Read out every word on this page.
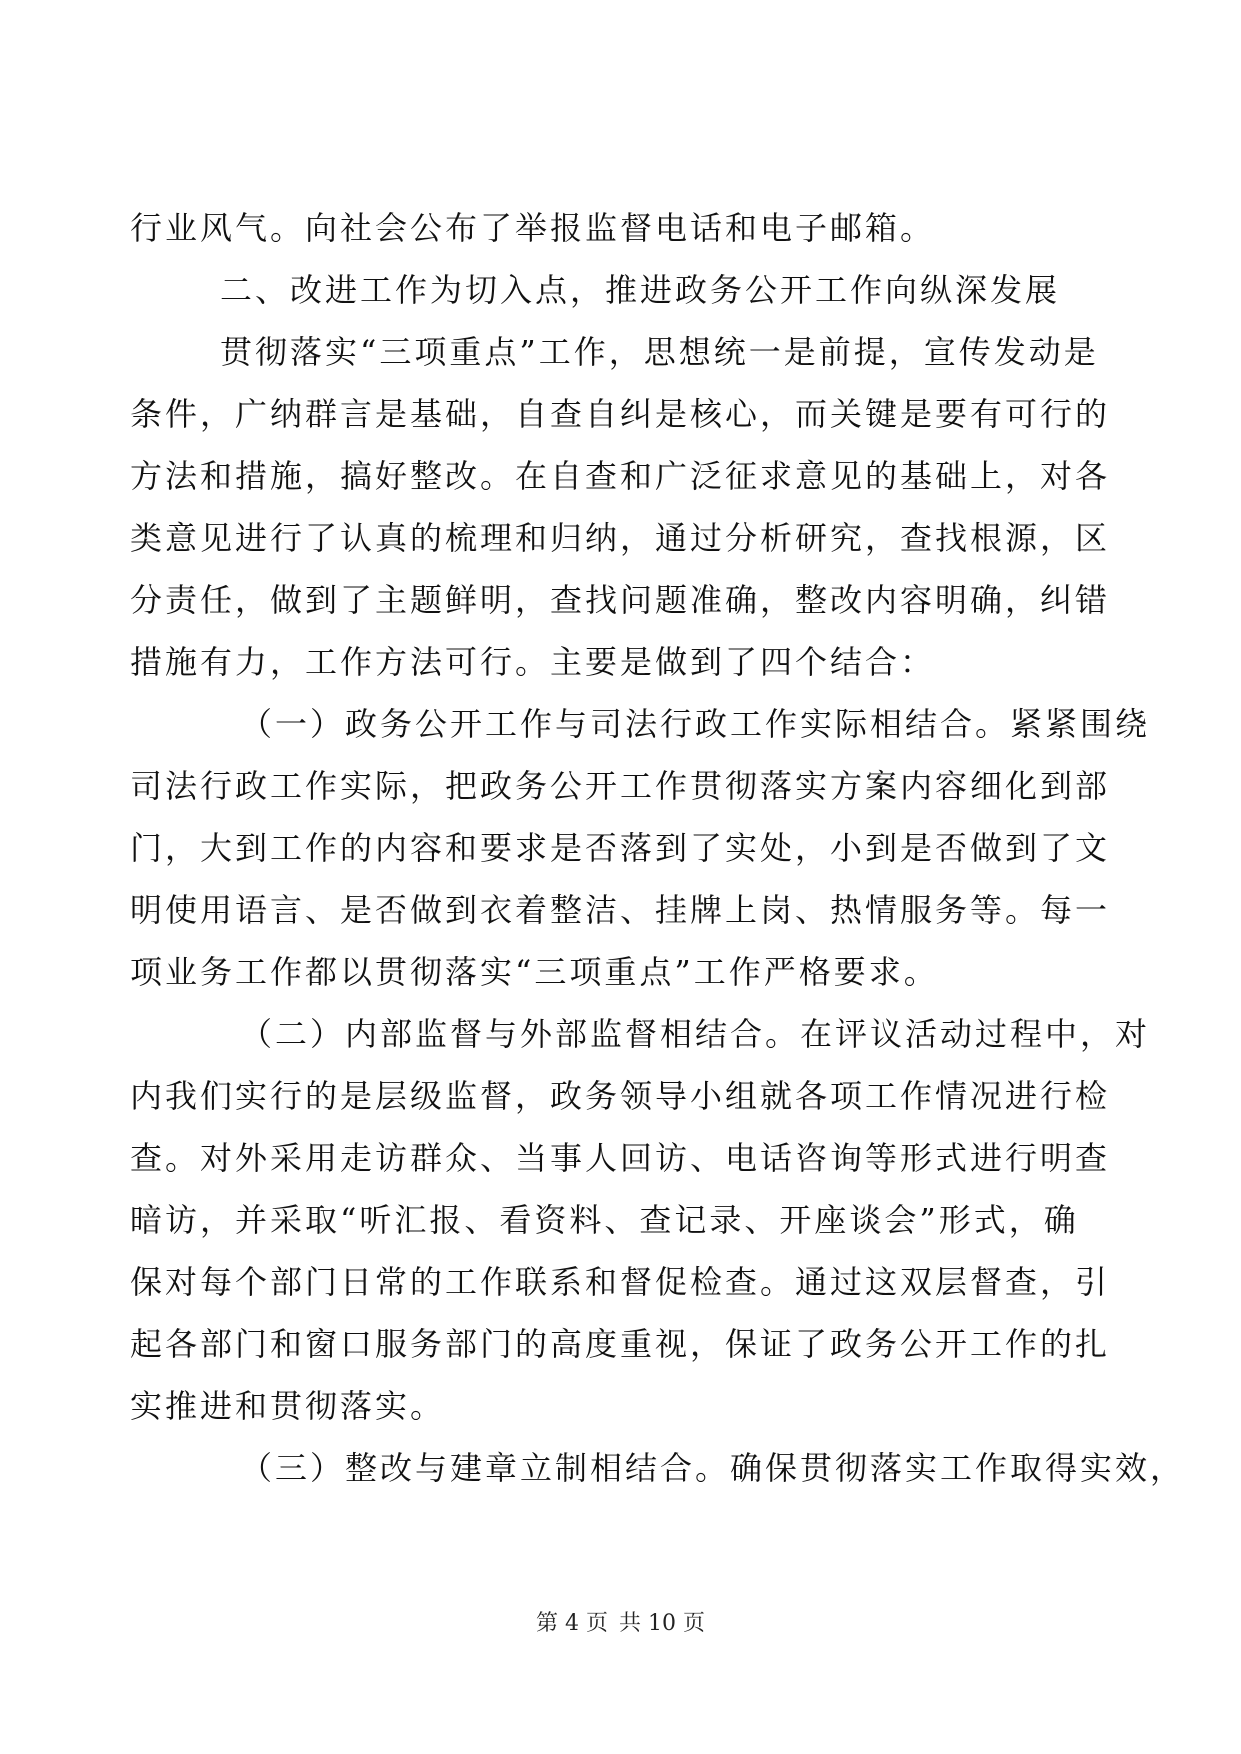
行业风气。向社会公布了举报监督电话和电子邮箱。
二、改进工作为切入点，推进政务公开工作向纵深发展
贯彻落实“三项重点”工作，思想统一是前提，宣传发动是
条件，广纳群言是基础，自查自纠是核心，而关键是要有可行的
方法和措施，搞好整改。在自查和广泛征求意见的基础上，对各
类意见进行了认真的梳理和归纳，通过分析研究，查找根源，区
分责任，做到了主题鲜明，查找问题准确，整改内容明确，纠错
措施有力，工作方法可行。主要是做到了四个结合：
（一）政务公开工作与司法行政工作实际相结合。紧紧围绕
司法行政工作实际，把政务公开工作贯彻落实方案内容细化到部
门，大到工作的内容和要求是否落到了实处，小到是否做到了文
明使用语言、是否做到衣着整洁、挂牌上岗、热情服务等。每一
项业务工作都以贯彻落实“三项重点”工作严格要求。
（二）内部监督与外部监督相结合。在评议活动过程中，对
内我们实行的是层级监督，政务领导小组就各项工作情况进行检
查。对外采用走访群众、当事人回访、电话咨询等形式进行明查
暗访，并采取“听汇报、看资料、查记录、开座谈会”形式，确
保对每个部门日常的工作联系和督促检查。通过这双层督查，引
起各部门和窗口服务部门的高度重视，保证了政务公开工作的扎
实推进和贯彻落实。
（三）整改与建章立制相结合。确保贯彻落实工作取得实效，
第 4 页 共 10 页
